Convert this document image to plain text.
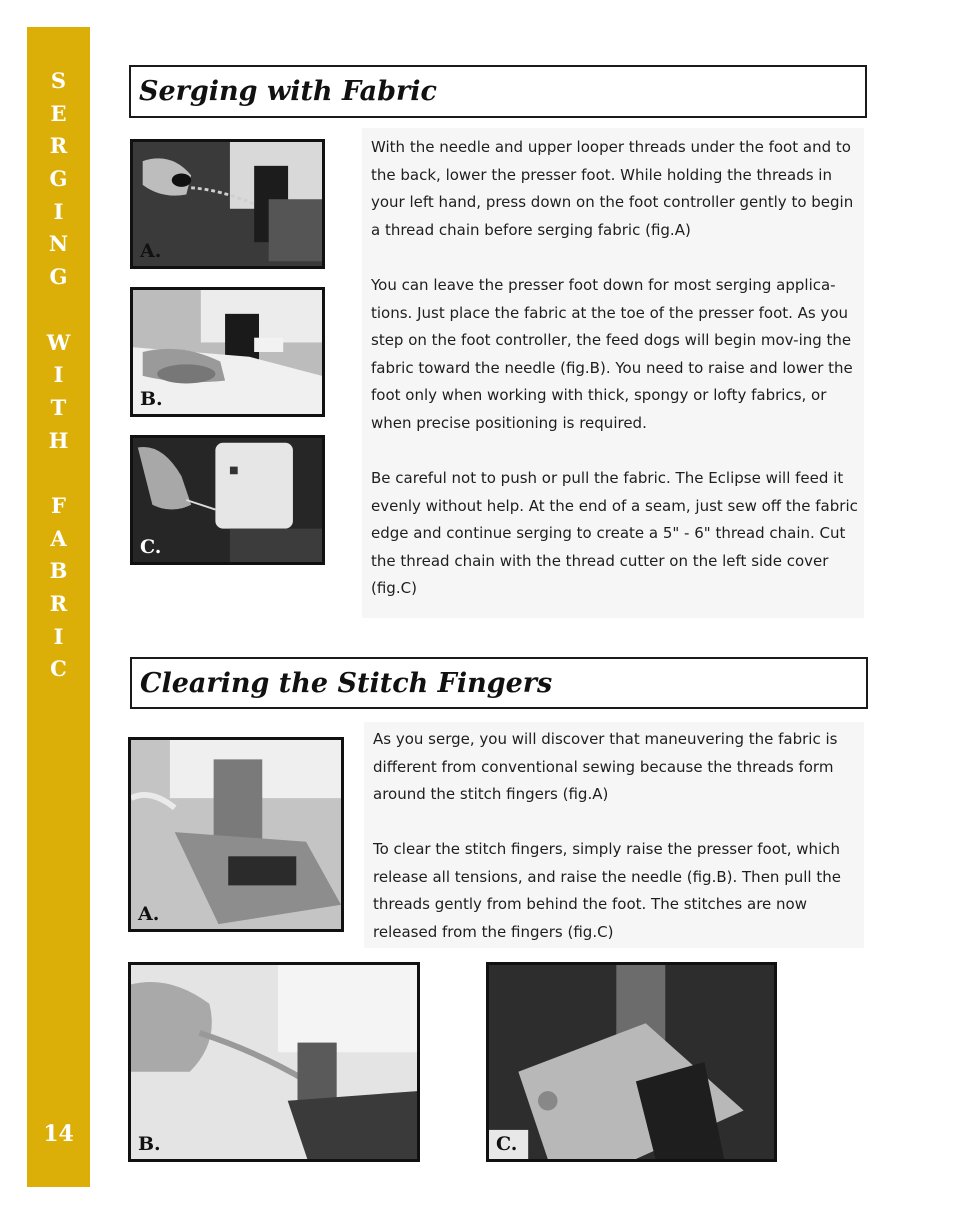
S
E
R
G
I
N
G
W
I
T
H
F
A
B
R
I
C
14
Serging with Fabric

With the needle and upper looper threads under the foot and to the back, lower the presser foot. While holding the threads in your left hand, press down on the foot controller gently to begin a thread chain before serging fabric (fig.A)

You can leave the presser foot down for most serging applica-tions. Just place the fabric at the toe of the presser foot. As you step on the foot controller, the feed dogs will begin mov-ing the fabric toward the needle (fig.B). You need to raise and lower the foot only when working with thick, spongy or lofty fabrics, or when precise positioning is required.

Be careful not to push or pull the fabric. The Eclipse will feed it evenly without help. At the end of a seam, just sew off the fabric edge and continue serging to create a 5" - 6" thread chain. Cut the thread chain with the thread cutter on the left side cover (fig.C)

A.
B.
C.
Clearing the Stitch Fingers

As you serge, you will discover that maneuvering the fabric is different from conventional sewing because the threads form around the stitch fingers (fig.A)

To clear the stitch fingers, simply raise the presser foot, which release all tensions, and raise the needle (fig.B). Then pull the threads gently from behind the foot. The stitches are now released from the fingers (fig.C)

A.
B.	C.
